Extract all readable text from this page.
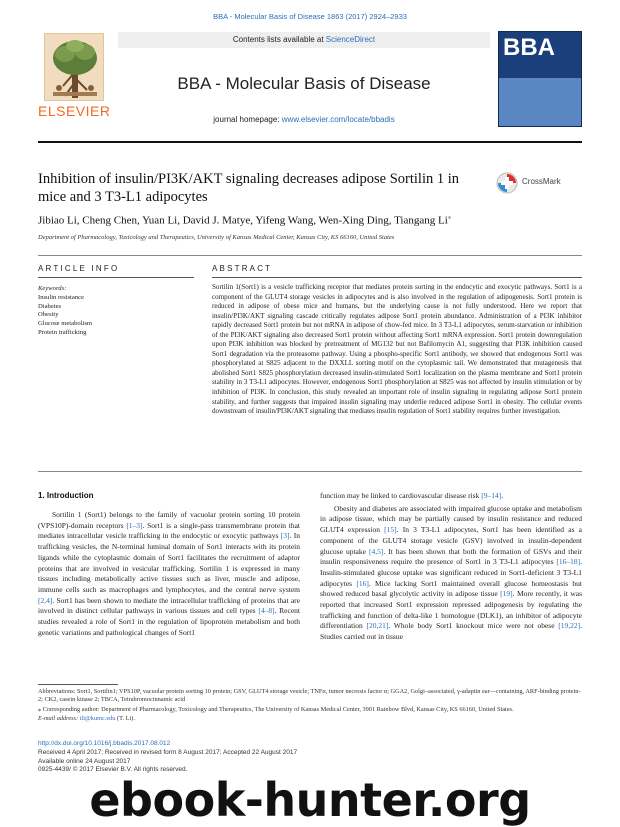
BBA - Molecular Basis of Disease 1863 (2017) 2924–2933
ELSEVIER
Contents lists available at ScienceDirect
BBA - Molecular Basis of Disease
journal homepage: www.elsevier.com/locate/bbadis
BBA
Inhibition of insulin/PI3K/AKT signaling decreases adipose Sortilin 1 in mice and 3 T3-L1 adipocytes
CrossMark
Jibiao Li, Cheng Chen, Yuan Li, David J. Matye, Yifeng Wang, Wen-Xing Ding, Tiangang Li⁎
Department of Pharmacology, Toxicology and Therapeutics, University of Kansas Medical Center, Kansas City, KS 66160, United States
ARTICLE INFO	ABSTRACT
Keywords:
Insulin resistance
Diabetes
Obesity
Glucose metabolism
Protein trafficking
Sortilin 1(Sort1) is a vesicle trafficking receptor that mediates protein sorting in the endocytic and exocytic pathways. Sort1 is a component of the GLUT4 storage vesicles in adipocytes and is also involved in the regulation of adipogenesis. Sort1 protein is reduced in adipose of obese mice and humans, but the underlying cause is not fully understood. Here we report that insulin/PI3K/AKT signaling cascade critically regulates adipose Sort1 protein abundance. Administration of a PI3K inhibitor rapidly decreased Sort1 protein but not mRNA in adipose of chow-fed mice. In 3 T3-L1 adipocytes, serum-starvation or inhibition of the PI3K/AKT signaling also decreased Sort1 protein without affecting Sort1 mRNA expression. Sort1 protein downregulation upon PI3K inhibition was blocked by pretreatment of MG132 but not Bafilomycin A1, suggesting that PI3K inhibition caused Sort1 degradation via the proteasome pathway. Using a phospho-specific Sort1 antibody, we showed that endogenous Sort1 was phosphorylated at S825 adjacent to the DXXLL sorting motif on the cytoplasmic tail. We demonstrated that mutagenesis that abolished Sort1 S825 phosphorylation decreased insulin-stimulated Sort1 localization on the plasma membrane and Sort1 protein stability in 3 T3-L1 adipocytes. However, endogenous Sort1 phosphorylation at S825 was not affected by insulin stimulation or by inhibition of PI3K. In conclusion, this study revealed an important role of insulin signaling in regulating adipose Sort1 protein stability, and further suggests that impaired insulin signaling may underlie reduced adipose Sort1 in obesity. The cellular events downstream of insulin/PI3K/AKT signaling that mediates insulin regulation of Sort1 stability requires further investigation.
1. Introduction
Sortilin 1 (Sort1) belongs to the family of vacuolar protein sorting 10 protein (VPS10P)-domain receptors [1–3]. Sort1 is a single-pass transmembrane protein that mediates intracellular vesicle trafficking in the endocytic or exocytic pathways [3]. In trafficking vesicles, the N-terminal luminal domain of Sort1 interacts with its protein ligands while the cytoplasmic domain of Sort1 facilitates the recruitment of adaptor proteins that are involved in vesicular trafficking. Sortilin 1 is expressed in many tissues including metabolically active tissues such as liver, muscle and adipose, immune cells such as macrophages and lymphocytes, and the central nerve system [2,4]. Sort1 has been shown to mediate the intracellular trafficking of proteins that are involved in distinct cellular pathways in various tissues and cell types [4–8]. Recent studies revealed a role of Sort1 in the regulation of lipoprotein metabolism and both genetic variations and pathological changes of Sort1
function may be linked to cardiovascular disease risk [9–14].
Obesity and diabetes are associated with impaired glucose uptake and metabolism in adipose tissue, which may be partially caused by insulin resistance and reduced GLUT4 expression [15]. In 3 T3-L1 adipocytes, Sort1 has been identified as a component of the GLUT4 storage vesicle (GSV) involved in insulin-dependent glucose uptake [4,5]. It has been shown that both the formation of GSVs and their insulin responsiveness require the presence of Sort1 in 3 T3-L1 adipocytes [16–18]. Insulin-stimulated glucose uptake was significant reduced in Sort1-deficient 3 T3-L1 adipocytes [16]. Mice lacking Sort1 maintained overall glucose homeostasis but showed reduced basal glycolytic activity in adipose tissue [19]. More recently, it was reported that increased Sort1 expression repressed adipogenesis by regulating the trafficking and function of delta-like 1 homologue (DLK1), an inhibitor of adipocyte differentiation [20,21]. Whole body Sort1 knockout mice were not obese [19,22]. Studies carried out in tissue

Abbreviations: Sort1, Sortilin1; VPS10P, vacuolar protein sorting 10 protein; GSV, GLUT4 storage vesicle; TNFα, tumor necrosis factor α; GGA2, Golgi–associated, γ-adaptin ear—containing, ARF-binding protein-2; CK2, casein kinase 2; TBCA, Tetrabromocinnamic acid

⁎ Corresponding author: Department of Pharmacology, Toxicology and Therapeutics, The University of Kansas Medical Center, 3901 Rainbow Blvd, Kansas City, KS 66160, United States.

E-mail address: tli@kumc.edu (T. Li).

http://dx.doi.org/10.1016/j.bbadis.2017.08.012
Received 4 April 2017; Received in revised form 8 August 2017; Accepted 22 August 2017
Available online 24 August 2017
0925-4439/ © 2017 Elsevier B.V. All rights reserved.
ebook-hunter.org
